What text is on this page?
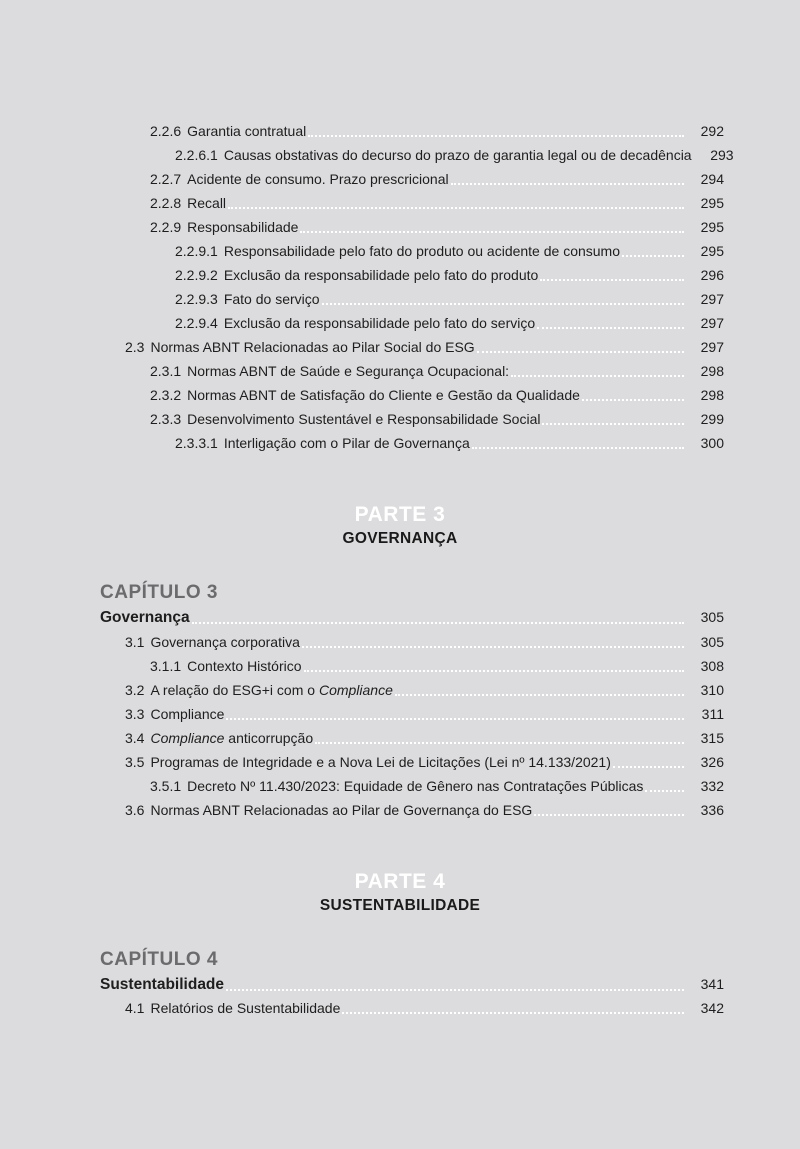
2.2.6 Garantia contratual	292
2.2.6.1 Causas obstativas do decurso do prazo de garantia legal ou de decadência	293
2.2.7 Acidente de consumo. Prazo prescricional	294
2.2.8 Recall	295
2.2.9 Responsabilidade	295
2.2.9.1 Responsabilidade pelo fato do produto ou acidente de consumo	295
2.2.9.2 Exclusão da responsabilidade pelo fato do produto	296
2.2.9.3 Fato do serviço	297
2.2.9.4 Exclusão da responsabilidade pelo fato do serviço	297
2.3 Normas ABNT Relacionadas ao Pilar Social do ESG	297
2.3.1 Normas ABNT de Saúde e Segurança Ocupacional:	298
2.3.2 Normas ABNT de Satisfação do Cliente e Gestão da Qualidade	298
2.3.3 Desenvolvimento Sustentável e Responsabilidade Social	299
2.3.3.1 Interligação com o Pilar de Governança	300
PARTE 3
GOVERNANÇA
CAPÍTULO 3
Governança	305
3.1 Governança corporativa	305
3.1.1 Contexto Histórico	308
3.2 A relação do ESG+i com o Compliance	310
3.3 Compliance	311
3.4 Compliance anticorrupção	315
3.5 Programas de Integridade e a Nova Lei de Licitações (Lei nº 14.133/2021)	326
3.5.1 Decreto Nº 11.430/2023: Equidade de Gênero nas Contratações Públicas	332
3.6 Normas ABNT Relacionadas ao Pilar de Governança do ESG	336
PARTE 4
SUSTENTABILIDADE
CAPÍTULO 4
Sustentabilidade	341
4.1 Relatórios de Sustentabilidade	342
